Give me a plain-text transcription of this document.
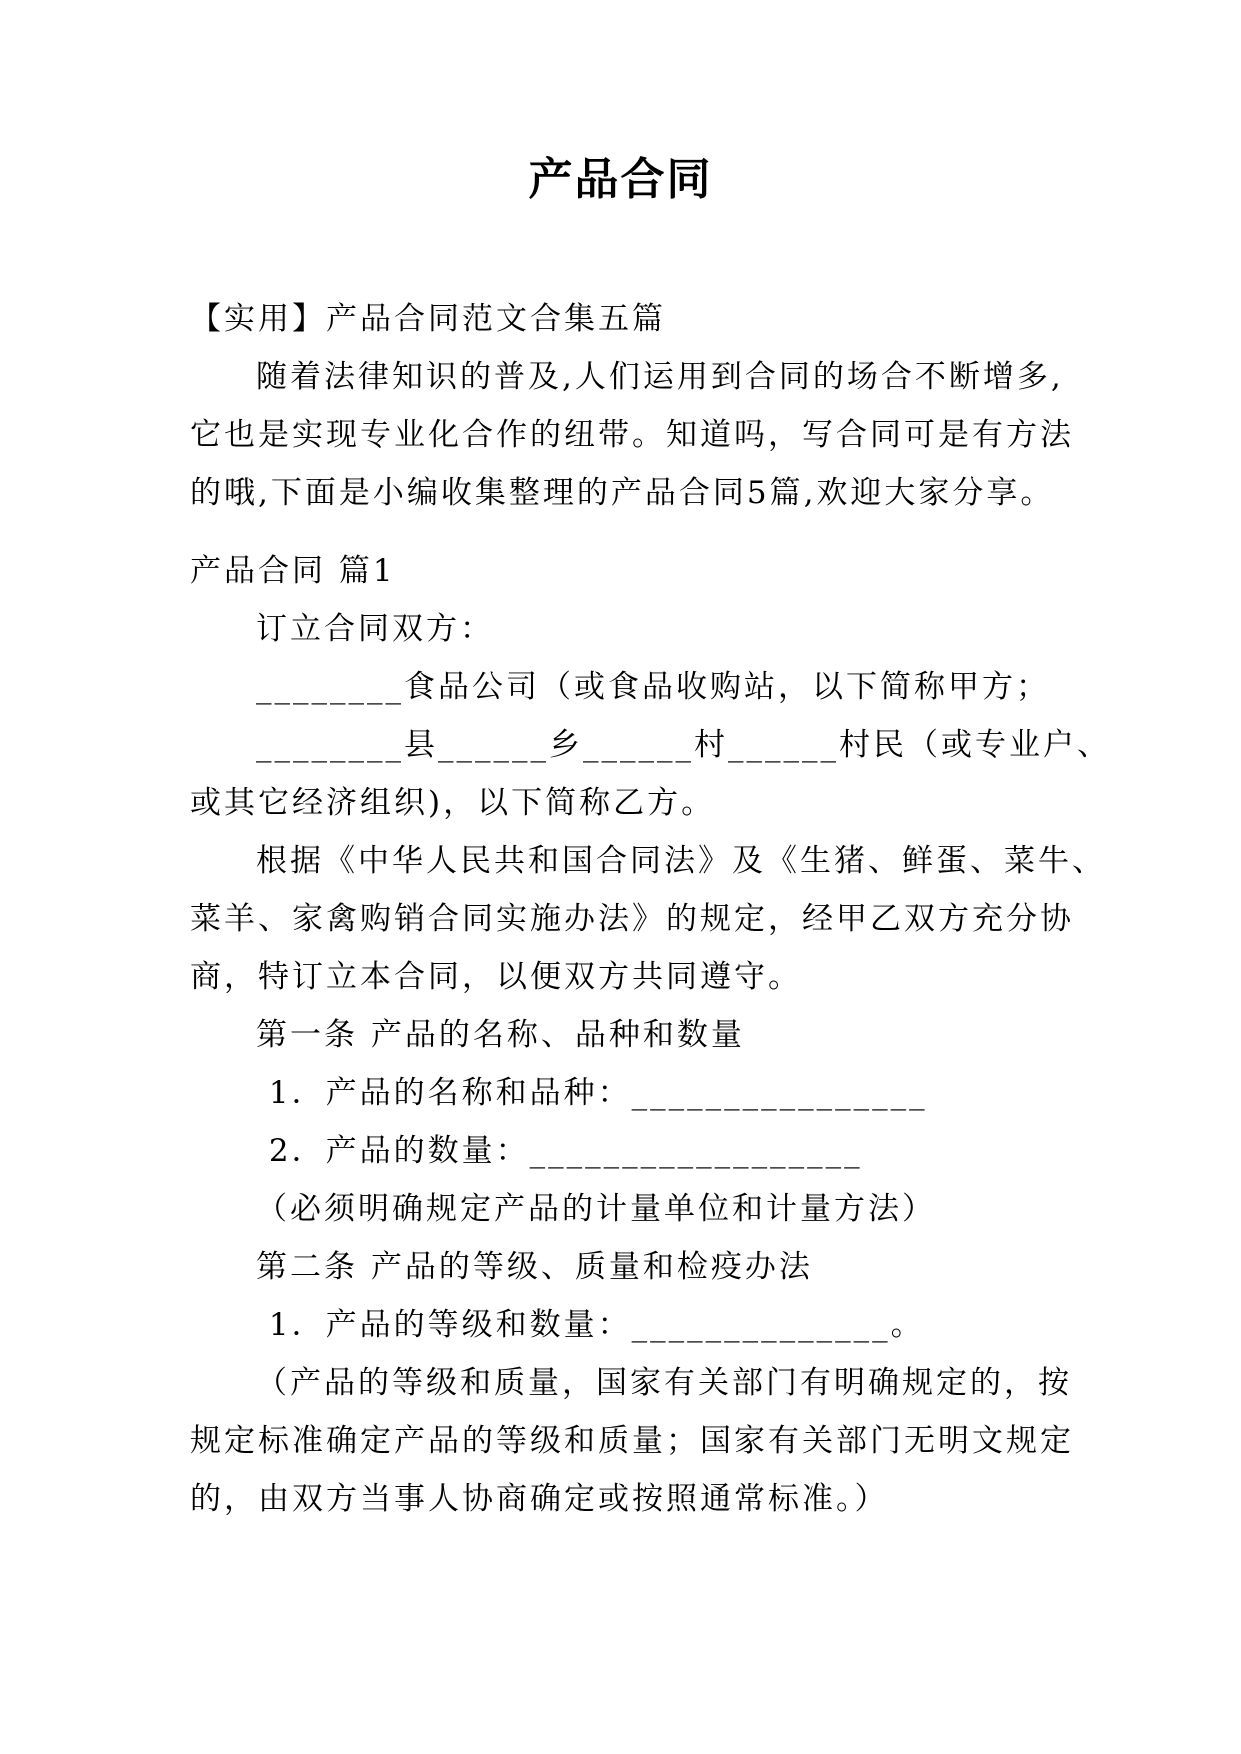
产品合同
【实用】产品合同范文合集五篇
随着法律知识的普及,人们运用到合同的场合不断增多,
它也是实现专业化合作的纽带。知道吗，写合同可是有方法
的哦,下面是小编收集整理的产品合同5篇,欢迎大家分享。
产品合同 篇1
订立合同双方：
________食品公司（或食品收购站，以下简称甲方；
________县______乡______村______村民（或专业户、
或其它经济组织)，以下简称乙方。
根据《中华人民共和国合同法》及《生猪、鲜蛋、菜牛、
菜羊、家禽购销合同实施办法》的规定，经甲乙双方充分协
商，特订立本合同，以便双方共同遵守。
第一条 产品的名称、品种和数量
1．产品的名称和品种：________________
2．产品的数量：__________________
（必须明确规定产品的计量单位和计量方法）
第二条 产品的等级、质量和检疫办法
1．产品的等级和数量：______________。
（产品的等级和质量，国家有关部门有明确规定的，按
规定标准确定产品的等级和质量；国家有关部门无明文规定
的，由双方当事人协商确定或按照通常标准。）
